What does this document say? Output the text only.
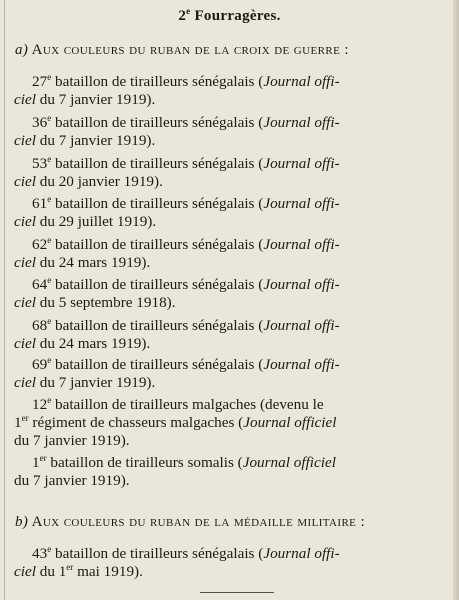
2e Fourragères.
a) Aux couleurs du ruban de la croix de guerre :
27e bataillon de tirailleurs sénégalais (Journal offi-
ciel du 7 janvier 1919).
36e bataillon de tirailleurs sénégalais (Journal offi-
ciel du 7 janvier 1919).
53e bataillon de tirailleurs sénégalais (Journal offi-
ciel du 20 janvier 1919).
61e bataillon de tirailleurs sénégalais (Journal offi-
ciel du 29 juillet 1919).
62e bataillon de tirailleurs sénégalais (Journal offi-
ciel du 24 mars 1919).
64e bataillon de tirailleurs sénégalais (Journal offi-
ciel du 5 septembre 1918).
68e bataillon de tirailleurs sénégalais (Journal offi-
ciel du 24 mars 1919).
69e bataillon de tirailleurs sénégalais (Journal offi-
ciel du 7 janvier 1919).
12e bataillon de tirailleurs malgaches (devenu le
1er régiment de chasseurs malgaches (Journal officiel
du 7 janvier 1919).
1er bataillon de tirailleurs somalis (Journal officiel
du 7 janvier 1919).
b) Aux couleurs du ruban de la médaille militaire :
43e bataillon de tirailleurs sénégalais (Journal offi-
ciel du 1er mai 1919).
